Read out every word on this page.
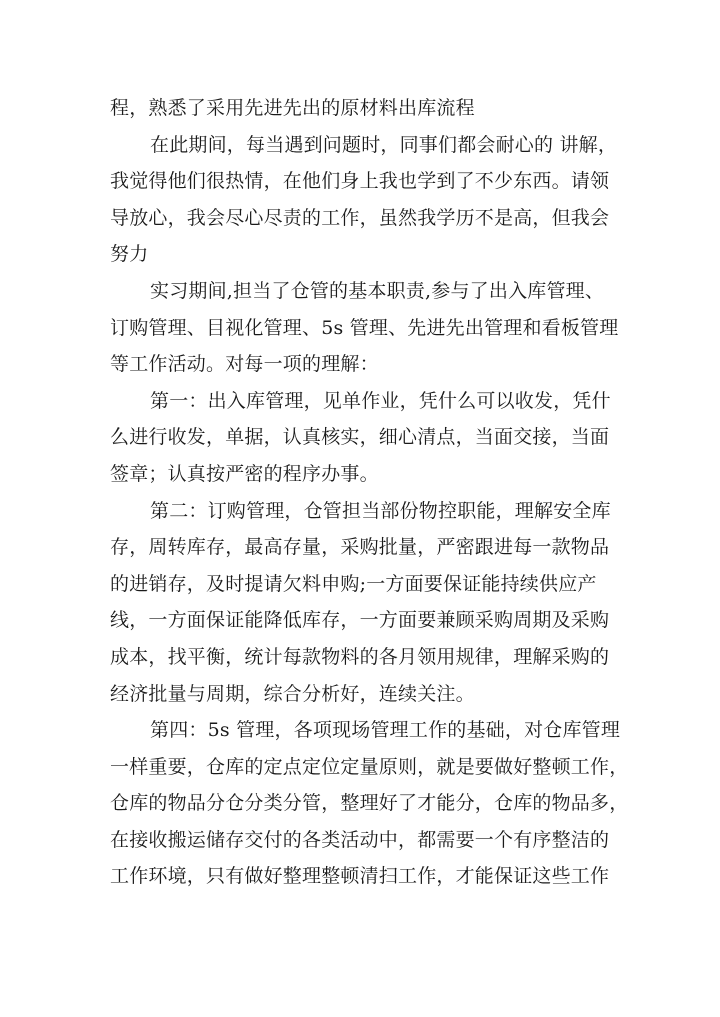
程，熟悉了采用先进先出的原材料出库流程
在此期间，每当遇到问题时，同事们都会耐心的 讲解，
我觉得他们很热情，在他们身上我也学到了不少东西。请领
导放心，我会尽心尽责的工作，虽然我学历不是高，但我会
努力
实习期间,担当了仓管的基本职责,参与了出入库管理、
订购管理、目视化管理、5s 管理、先进先出管理和看板管理
等工作活动。对每一项的理解：
第一：出入库管理，见单作业，凭什么可以收发，凭什
么进行收发，单据，认真核实，细心清点，当面交接，当面
签章；认真按严密的程序办事。
第二：订购管理，仓管担当部份物控职能，理解安全库
存，周转库存，最高存量，采购批量，严密跟进每一款物品
的进销存，及时提请欠料申购;一方面要保证能持续供应产
线，一方面保证能降低库存，一方面要兼顾采购周期及采购
成本，找平衡，统计每款物料的各月领用规律，理解采购的
经济批量与周期，综合分析好，连续关注。
第四：5s 管理，各项现场管理工作的基础，对仓库管理
一样重要，仓库的定点定位定量原则，就是要做好整顿工作，
仓库的物品分仓分类分管，整理好了才能分，仓库的物品多，
在接收搬运储存交付的各类活动中，都需要一个有序整洁的
工作环境，只有做好整理整顿清扫工作，才能保证这些工作
